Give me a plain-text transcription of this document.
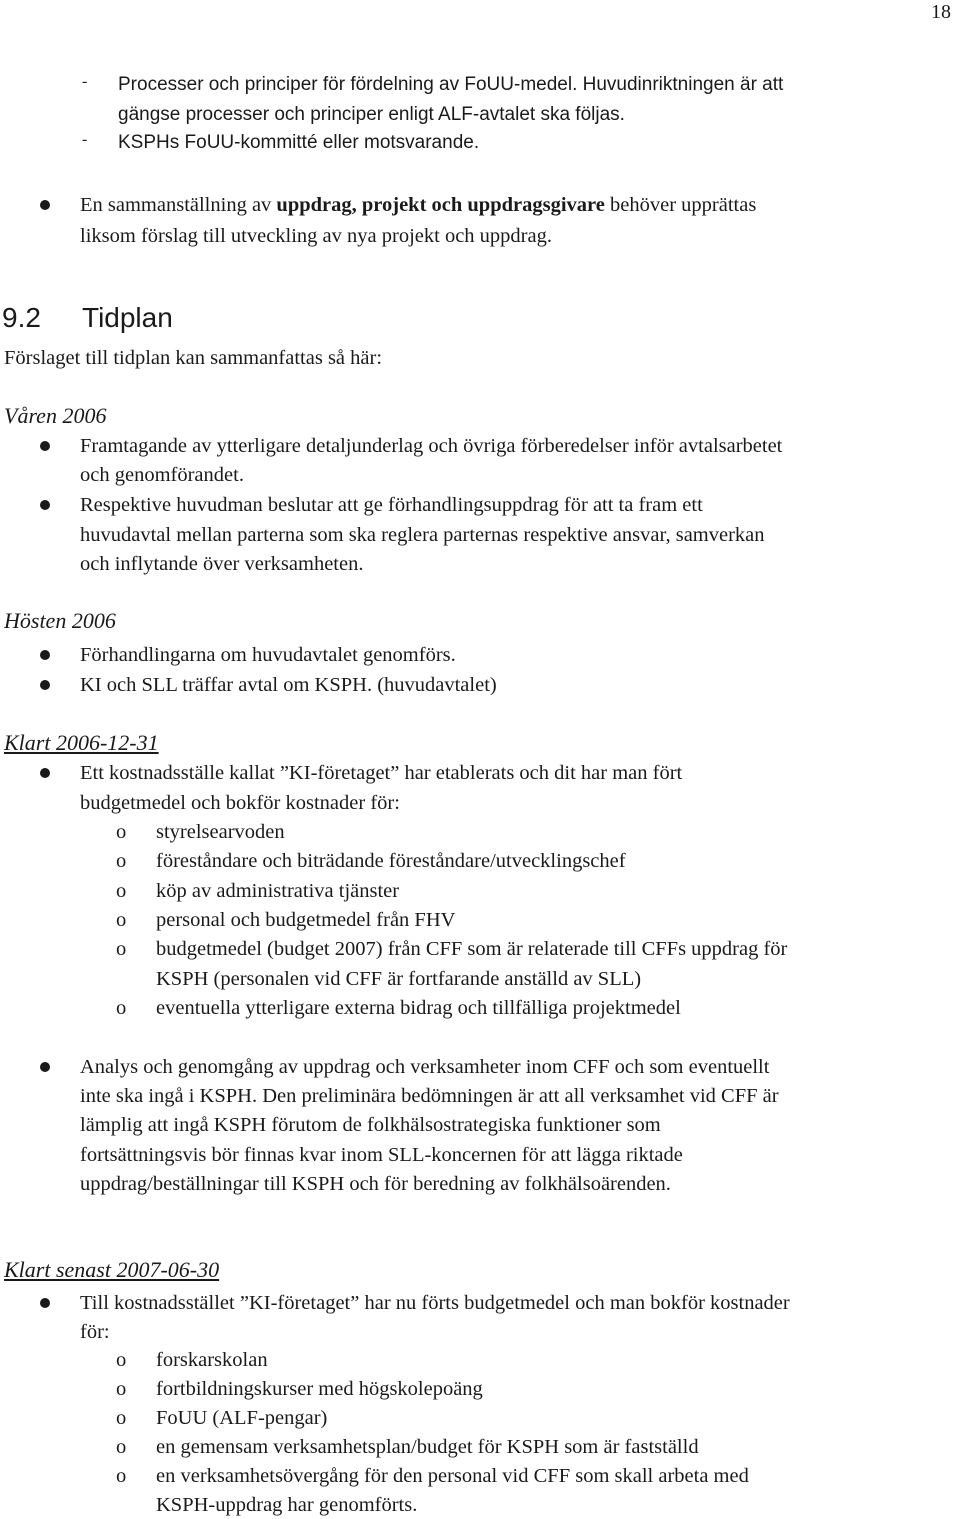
18
-	Processer och principer för fördelning av FoUU-medel. Huvudinriktningen är att
gängse processer och principer enligt ALF-avtalet ska följas.
-	KSPHs FoUU-kommitté eller motsvarande.
En sammanställning av uppdrag, projekt och uppdragsgivare behöver upprättas
liksom förslag till utveckling av nya projekt och uppdrag.
9.2 Tidplan
Förslaget till tidplan kan sammanfattas så här:
Våren 2006
Framtagande av ytterligare detaljunderlag och övriga förberedelser inför avtalsarbetet
och genomförandet.
Respektive huvudman beslutar att ge förhandlingsuppdrag för att ta fram ett
huvudavtal mellan parterna som ska reglera parternas respektive ansvar, samverkan
och inflytande över verksamheten.
Hösten 2006
Förhandlingarna om huvudavtalet genomförs.
KI och SLL träffar avtal om KSPH. (huvudavtalet)
Klart 2006-12-31
Ett kostnadsställe kallat ”KI-företaget” har etablerats och dit har man fört
budgetmedel och bokför kostnader för:
o styrelsearvoden
o föreståndare och biträdande föreståndare/utvecklingschef
o köp av administrativa tjänster
o personal och budgetmedel från FHV
o budgetmedel (budget 2007) från CFF som är relaterade till CFFs uppdrag för
KSPH (personalen vid CFF är fortfarande anställd av SLL)
o eventuella ytterligare externa bidrag och tillfälliga projektmedel
Analys och genomgång av uppdrag och verksamheter inom CFF och som eventuellt
inte ska ingå i KSPH. Den preliminära bedömningen är att all verksamhet vid CFF är
lämplig att ingå KSPH förutom de folkhälsostrategiska funktioner som
fortsättningsvis bör finnas kvar inom SLL-koncernen för att lägga riktade
uppdrag/beställningar till KSPH och för beredning av folkhälsoärenden.
Klart senast 2007-06-30
Till kostnadsstället ”KI-företaget” har nu förts budgetmedel och man bokför kostnader
för:
o forskarskolan
o fortbildningskurser med högskolepoäng
o FoUU (ALF-pengar)
o en gemensam verksamhetsplan/budget för KSPH som är fastställd
o en verksamhetsövergång för den personal vid CFF som skall arbeta med
KSPH-uppdrag har genomförts.
